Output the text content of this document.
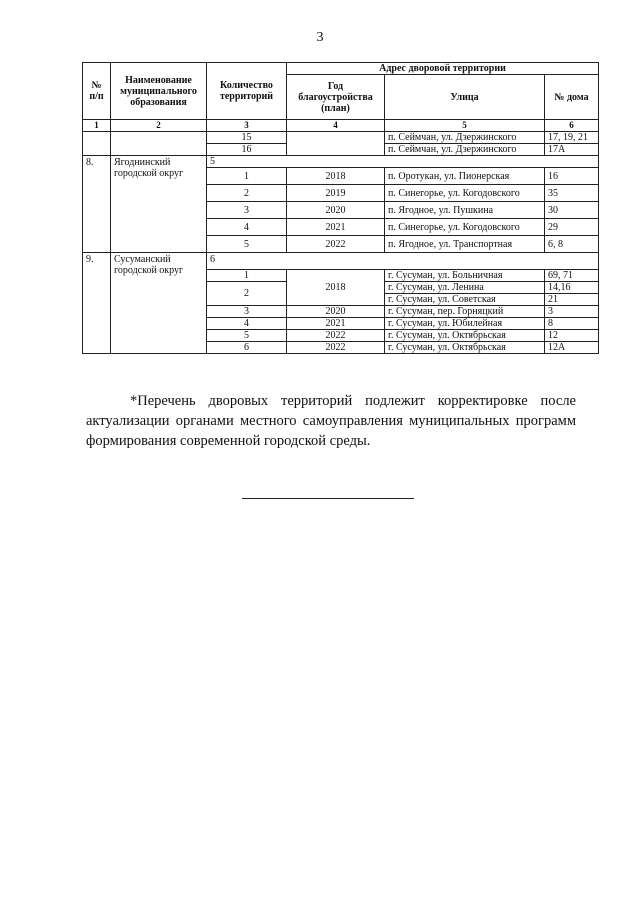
3
№ п/п	Наименование муниципального образования	Количество территорий	Адрес дворовой территории		
			Год благоустройства (план)	Улица	№ дома
1	2	3	4	5	6
		15		п. Сеймчан, ул. Дзержинского	17, 19, 21
		16		п. Сеймчан, ул. Дзержинского	17А
8.	Ягоднинский городской округ	5			
		1	2018	п. Оротукан, ул. Пионерская	16
		2	2019	п. Синегорье, ул. Когодовского	35
		3	2020	п. Ягодное, ул. Пушкина	30
		4	2021	п. Синегорье, ул. Когодовского	29
		5	2022	п. Ягодное, ул. Транспортная	6, 8
9.	Сусуманский городской округ	6			
		1	2018	г. Сусуман, ул. Больничная	69, 71
		2		г. Сусуман, ул. Ленина	14,16
				г. Сусуман, ул. Советская	21
		3	2020	г. Сусуман, пер. Горняцкий	3
		4	2021	г. Сусуман, ул. Юбилейная	8
		5	2022	г. Сусуман, ул. Октябрьская	12
		6	2022	г. Сусуман, ул. Октябрьская	12А

*Перечень дворовых территорий подлежит корректировке после актуализации органами местного самоуправления муниципальных программ формирования современной городской среды.
